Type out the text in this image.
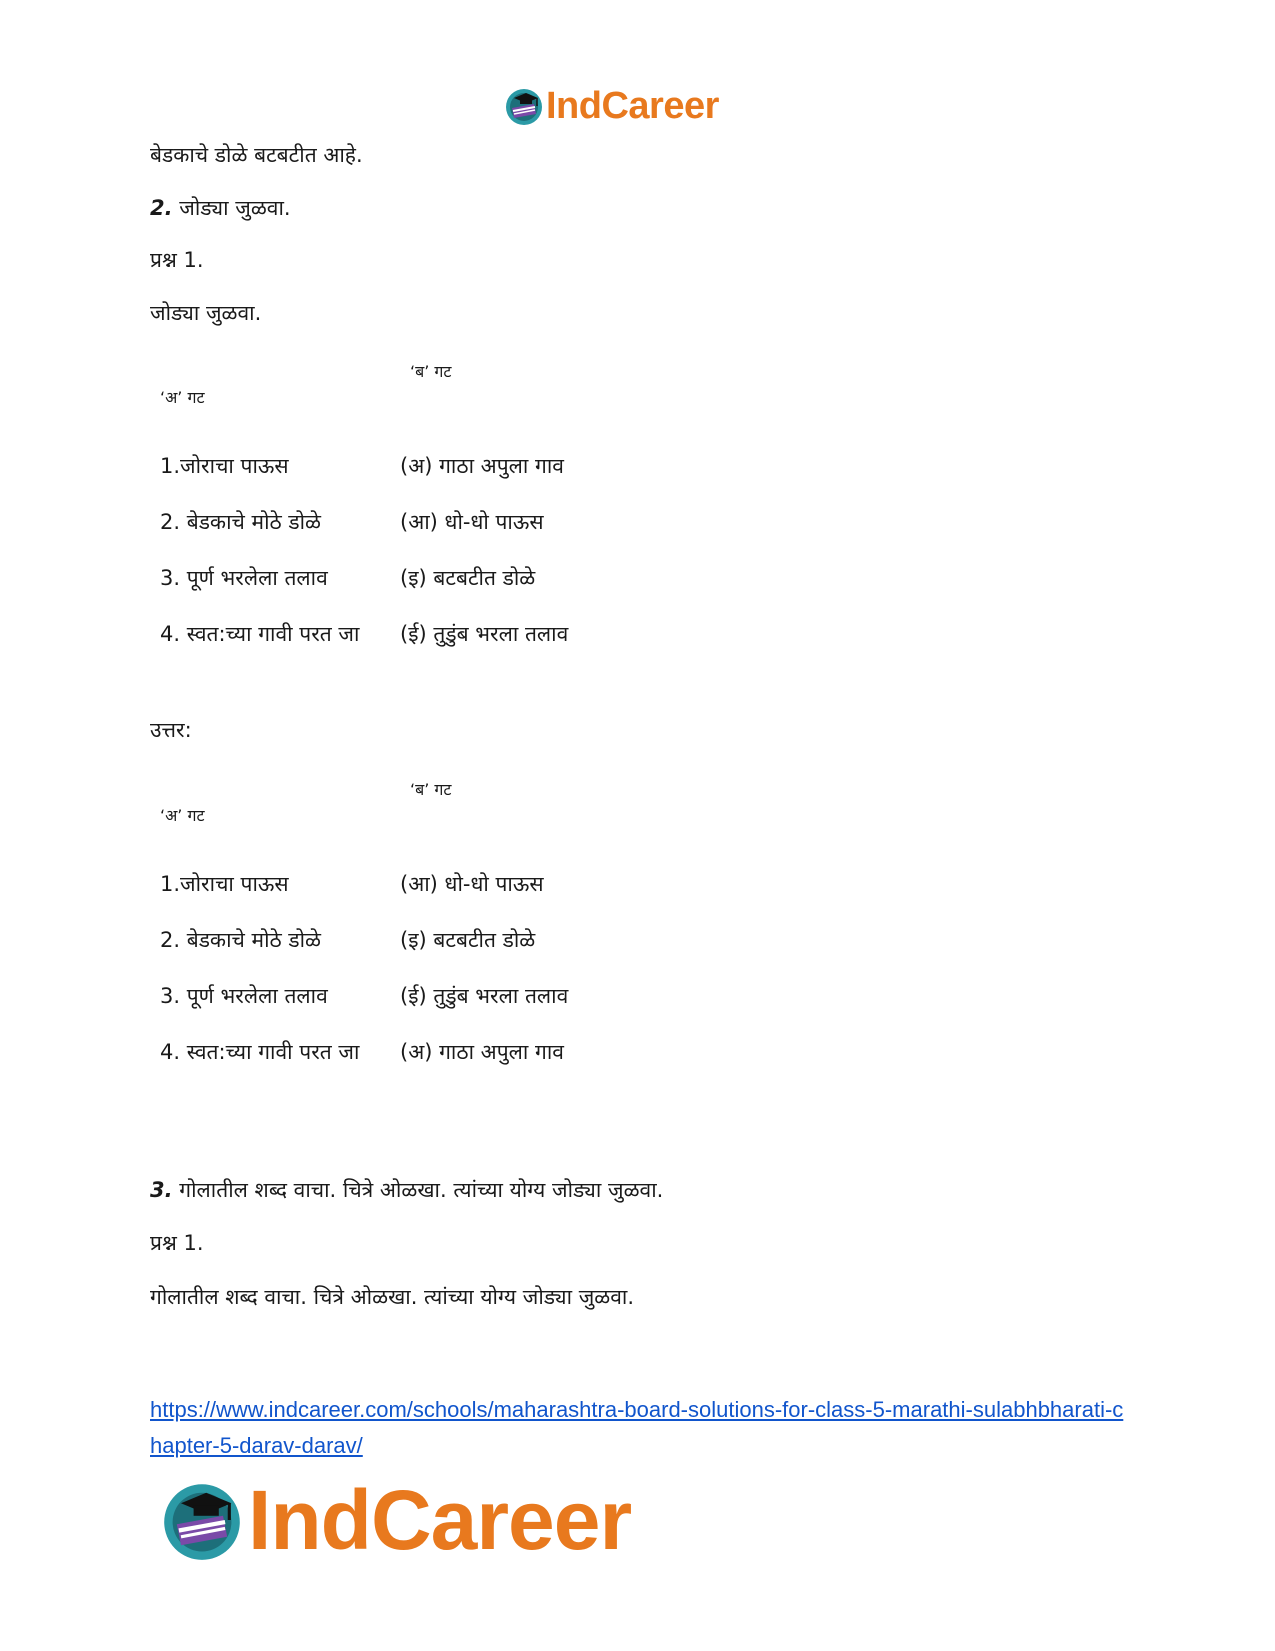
IndCareer
बेडकाचे डोळे बटबटीत आहे.
2. जोड्या जुळवा.
प्रश्न 1.
जोड्या जुळवा.
‘अ’ गट
‘ब’ गट
1.जोराचा पाऊस	(अ) गाठा अपुला गाव
2. बेडकाचे मोठे डोळे	(आ) धो-धो पाऊस
3. पूर्ण भरलेला तलाव	(इ) बटबटीत डोळे
4. स्वत:च्या गावी परत जा (ई) तुडुंब भरला तलाव
उत्तर:
‘अ’ गट
‘ब’ गट
1.जोराचा पाऊस	(आ) धो-धो पाऊस
2. बेडकाचे मोठे डोळे	(इ) बटबटीत डोळे
3. पूर्ण भरलेला तलाव	(ई) तुडुंब भरला तलाव
4. स्वत:च्या गावी परत जा (अ) गाठा अपुला गाव
3. गोलातील शब्द वाचा. चित्रे ओळखा. त्यांच्या योग्य जोड्या जुळवा.
प्रश्न 1.
गोलातील शब्द वाचा. चित्रे ओळखा. त्यांच्या योग्य जोड्या जुळवा.
https://www.indcareer.com/schools/maharashtra-board-solutions-for-class-5-marathi-sulabhbharati-chapter-5-darav-darav/
IndCareer
